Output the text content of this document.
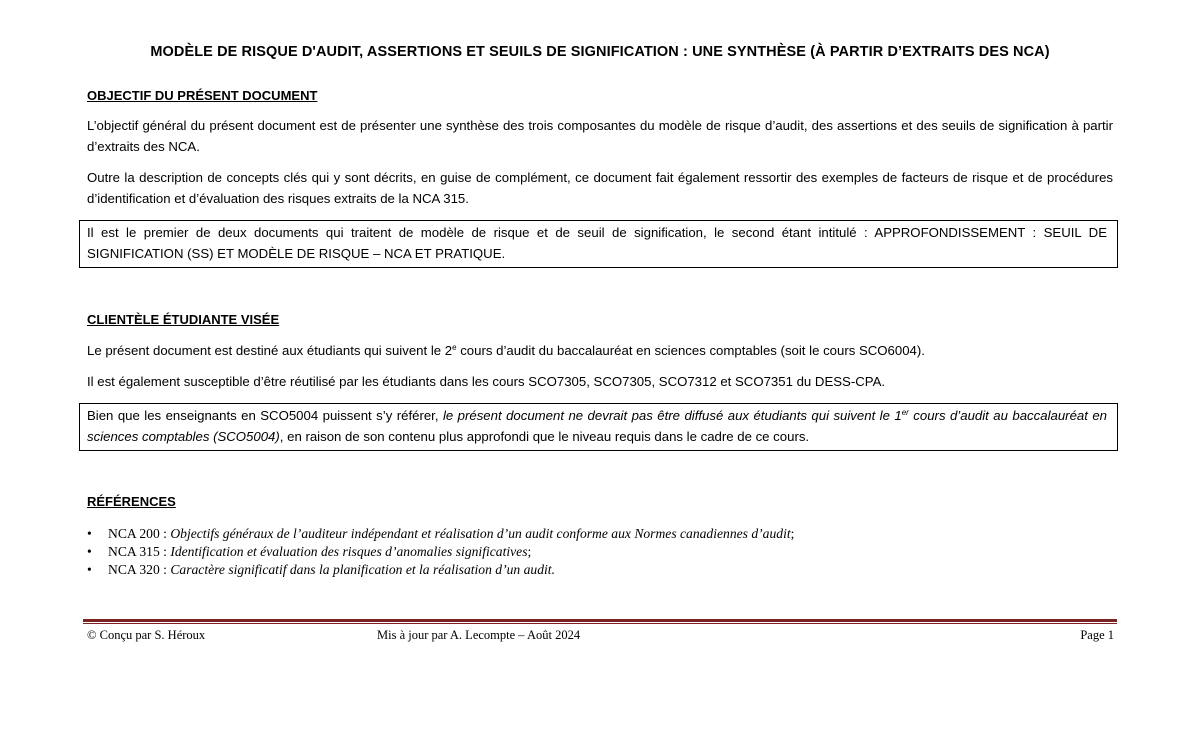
MODÈLE DE RISQUE D'AUDIT, ASSERTIONS ET SEUILS DE SIGNIFICATION : UNE SYNTHÈSE (À PARTIR D’EXTRAITS DES NCA)
OBJECTIF DU PRÉSENT DOCUMENT
L’objectif général du présent document est de présenter une synthèse des trois composantes du modèle de risque d’audit, des assertions et des seuils de signification à partir d’extraits des NCA.
Outre la description de concepts clés qui y sont décrits, en guise de complément, ce document fait également ressortir des exemples de facteurs de risque et de procédures d’identification et d’évaluation des risques extraits de la NCA 315.
Il est le premier de deux documents qui traitent de modèle de risque et de seuil de signification, le second étant intitulé : APPROFONDISSEMENT : SEUIL DE SIGNIFICATION (SS) ET MODÈLE DE RISQUE – NCA ET PRATIQUE.
CLIENTÈLE ÉTUDIANTE VISÉE
Le présent document est destiné aux étudiants qui suivent le 2e cours d’audit du baccalauréat en sciences comptables (soit le cours SCO6004).
Il est également susceptible d’être réutilisé par les étudiants dans les cours SCO7305, SCO7305, SCO7312 et SCO7351 du DESS-CPA.
Bien que les enseignants en SCO5004 puissent s’y référer, le présent document ne devrait pas être diffusé aux étudiants qui suivent le 1er cours d’audit au baccalauréat en sciences comptables (SCO5004), en raison de son contenu plus approfondi que le niveau requis dans le cadre de ce cours.
RÉFÉRENCES
• NCA 200 : Objectifs généraux de l’auditeur indépendant et réalisation d’un audit conforme aux Normes canadiennes d’audit;
• NCA 315 : Identification et évaluation des risques d’anomalies significatives;
• NCA 320 : Caractère significatif dans la planification et la réalisation d’un audit.
© Conçu par S. Héroux	Mis à jour par A. Lecompte – Août 2024	Page 1
